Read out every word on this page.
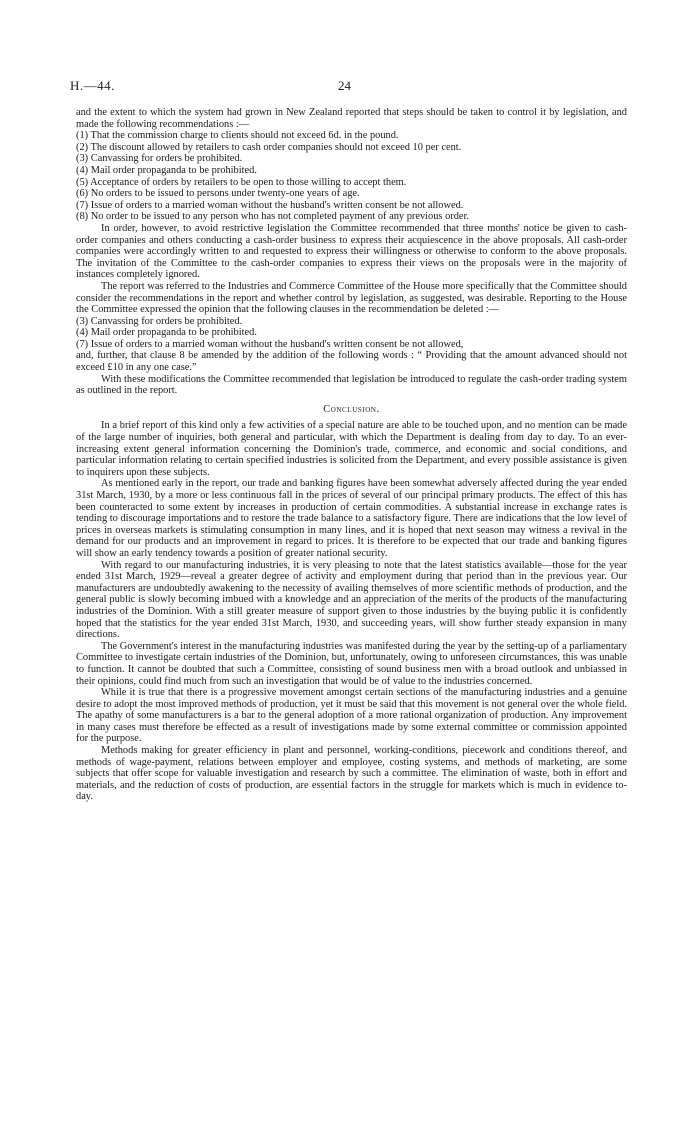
H.—44.	24

and the extent to which the system had grown in New Zealand reported that steps should be taken to control it by legislation, and made the following recommendations :—

(1) That the commission charge to clients should not exceed 6d. in the pound.

(2) The discount allowed by retailers to cash order companies should not exceed 10 per cent.

(3) Canvassing for orders be prohibited.

(4) Mail order propaganda to be prohibited.

(5) Acceptance of orders by retailers to be open to those willing to accept them.

(6) No orders to be issued to persons under twenty-one years of age.

(7) Issue of orders to a married woman without the husband's written consent be not allowed.

(8) No order to be issued to any person who has not completed payment of any previous order.

In order, however, to avoid restrictive legislation the Committee recommended that three months' notice be given to cash-order companies and others conducting a cash-order business to express their acquiescence in the above proposals. All cash-order companies were accordingly written to and requested to express their willingness or otherwise to conform to the above proposals. The invitation of the Committee to the cash-order companies to express their views on the proposals were in the majority of instances completely ignored.

The report was referred to the Industries and Commerce Committee of the House more specifically that the Committee should consider the recommendations in the report and whether control by legislation, as suggested, was desirable. Reporting to the House the Committee expressed the opinion that the following clauses in the recommendation be deleted :—

(3) Canvassing for orders be prohibited.

(4) Mail order propaganda to be prohibited.

(7) Issue of orders to a married woman without the husband's written consent be not allowed,

and, further, that clause 8 be amended by the addition of the following words : “ Providing that the amount advanced should not exceed £10 in any one case.”

With these modifications the Committee recommended that legislation be introduced to regulate the cash-order trading system as outlined in the report.

Conclusion.

In a brief report of this kind only a few activities of a special nature are able to be touched upon, and no mention can be made of the large number of inquiries, both general and particular, with which the Department is dealing from day to day. To an ever-increasing extent general information concerning the Dominion's trade, commerce, and economic and social conditions, and particular information relating to certain specified industries is solicited from the Department, and every possible assistance is given to inquirers upon these subjects.

As mentioned early in the report, our trade and banking figures have been somewhat adversely affected during the year ended 31st March, 1930, by a more or less continuous fall in the prices of several of our principal primary products. The effect of this has been counteracted to some extent by increases in production of certain commodities. A substantial increase in exchange rates is tending to discourage importations and to restore the trade balance to a satisfactory figure. There are indications that the low level of prices in overseas markets is stimulating consumption in many lines, and it is hoped that next season may witness a revival in the demand for our products and an improvement in regard to prices. It is therefore to be expected that our trade and banking figures will show an early tendency towards a position of greater national security.

With regard to our manufacturing industries, it is very pleasing to note that the latest statistics available—those for the year ended 31st March, 1929—reveal a greater degree of activity and employment during that period than in the previous year. Our manufacturers are undoubtedly awakening to the necessity of availing themselves of more scientific methods of production, and the general public is slowly becoming imbued with a knowledge and an appreciation of the merits of the products of the manufacturing industries of the Dominion. With a still greater measure of support given to those industries by the buying public it is confidently hoped that the statistics for the year ended 31st March, 1930, and succeeding years, will show further steady expansion in many directions.

The Government's interest in the manufacturing industries was manifested during the year by the setting-up of a parliamentary Committee to investigate certain industries of the Dominion, but, unfortunately, owing to unforeseen circumstances, this was unable to function. It cannot be doubted that such a Committee, consisting of sound business men with a broad outlook and unbiassed in their opinions, could find much from such an investigation that would be of value to the industries concerned.

While it is true that there is a progressive movement amongst certain sections of the manufacturing industries and a genuine desire to adopt the most improved methods of production, yet it must be said that this movement is not general over the whole field. The apathy of some manufacturers is a bar to the general adoption of a more rational organization of production. Any improvement in many cases must therefore be effected as a result of investigations made by some external committee or commission appointed for the purpose.

Methods making for greater efficiency in plant and personnel, working-conditions, piecework and conditions thereof, and methods of wage-payment, relations between employer and employee, costing systems, and methods of marketing, are some subjects that offer scope for valuable investigation and research by such a committee. The elimination of waste, both in effort and materials, and the reduction of costs of production, are essential factors in the struggle for markets which is much in evidence to-day.
